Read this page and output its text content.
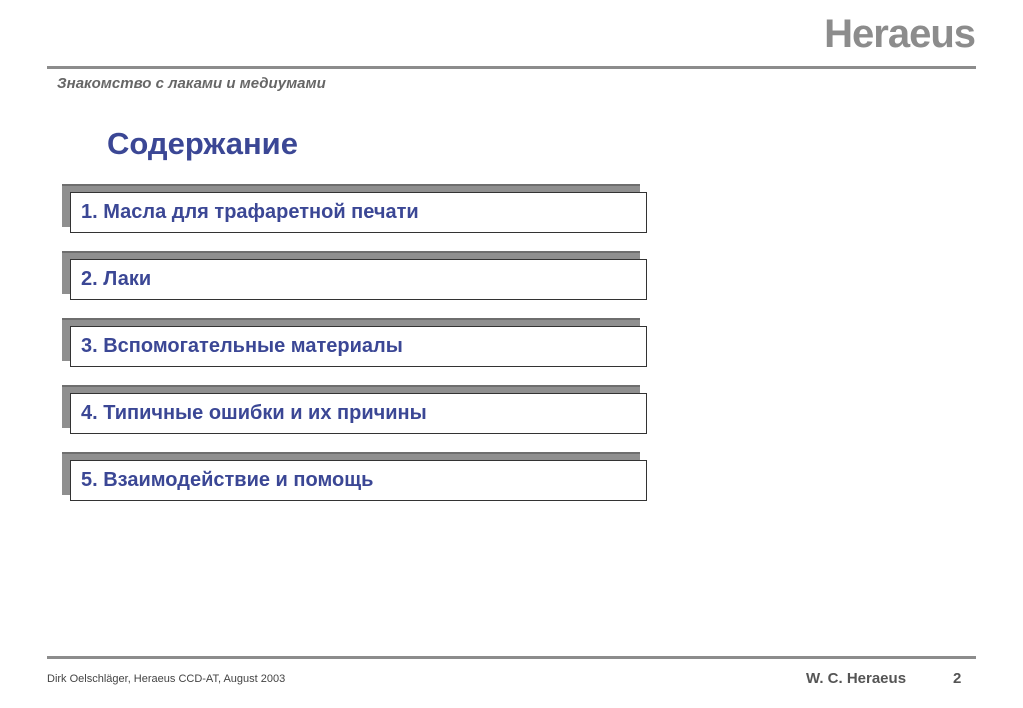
Heraeus
Знакомство с лаками и медиумами
Содержание
1. Масла для трафаретной печати
2. Лаки
3. Вспомогательные материалы
4. Типичные ошибки и их причины
5. Взаимодействие и помощь
Dirk Oelschläger, Heraeus CCD-AT, August 2003	W. C. Heraeus	2
